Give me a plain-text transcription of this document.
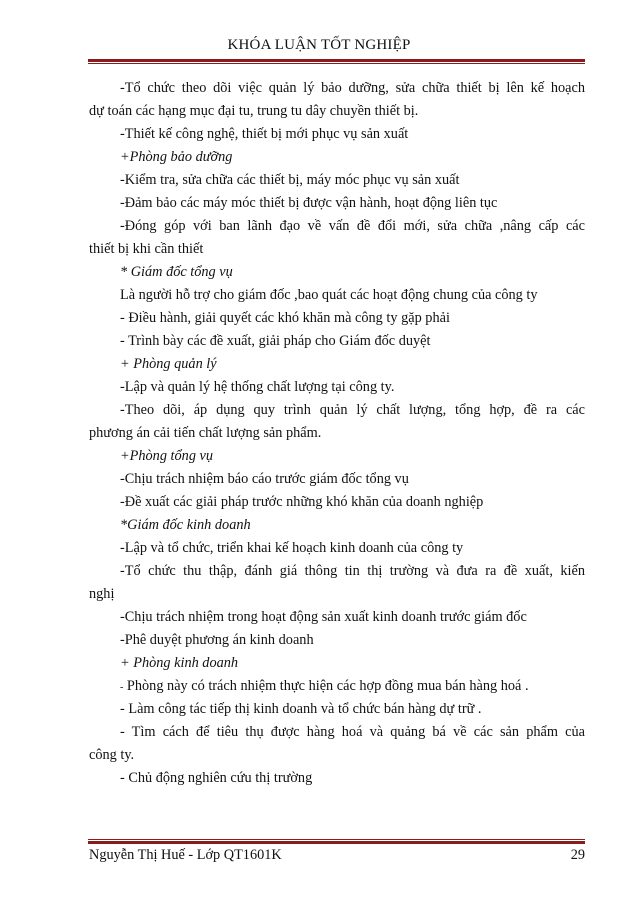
KHÓA LUẬN TỐT NGHIỆP
-Tổ chức theo dõi việc quản lý bảo dưỡng, sửa chữa thiết bị lên kế hoạch
dự toán các hạng mục đại tu, trung tu dây chuyền thiết bị.
-Thiết kế công nghệ, thiết bị mới phục vụ sản xuất
+Phòng bảo dưỡng
-Kiểm tra, sửa chữa các thiết bị, máy móc phục vụ sản xuất
-Đảm bảo các máy móc thiết bị được vận hành, hoạt động liên tục
-Đóng góp với ban lãnh đạo về vấn đề đổi mới, sửa chữa ,nâng cấp các
thiết bị khi cần thiết
* Giám đốc tổng vụ
Là người hỗ trợ cho giám đốc ,bao quát các hoạt động chung của công ty
- Điều hành, giải quyết các khó khăn mà công ty gặp phải
- Trình bày các đề xuất, giải pháp cho Giám đốc duyệt
+ Phòng quản lý
-Lập và quản lý hệ thống chất lượng tại công ty.
-Theo dõi, áp dụng quy trình quản lý chất lượng, tổng hợp, đề ra các
phương án cải tiến chất lượng sản phẩm.
+Phòng tổng vụ
-Chịu trách nhiệm báo cáo trước giám đốc tổng vụ
-Đề xuất các giải pháp trước những khó khăn của doanh nghiệp
*Giám đốc kinh doanh
-Lập và tổ chức, triển khai kế hoạch kinh doanh của công ty
-Tổ chức thu thập, đánh giá thông tin thị trường và đưa ra đề xuất, kiến
nghị
-Chịu trách nhiệm trong hoạt động sản xuất kinh doanh trước giám đốc
-Phê duyệt phương án kinh doanh
+ Phòng kinh doanh
- Phòng này có trách nhiệm thực hiện các hợp đồng mua bán hàng hoá .
- Làm công tác tiếp thị kinh doanh và tổ chức bán hàng dự trữ .
- Tìm cách để tiêu thụ được hàng hoá và quảng bá về các sản phẩm của
công ty.
- Chủ động nghiên cứu thị trường
Nguyễn Thị Huế - Lớp QT1601K	29
